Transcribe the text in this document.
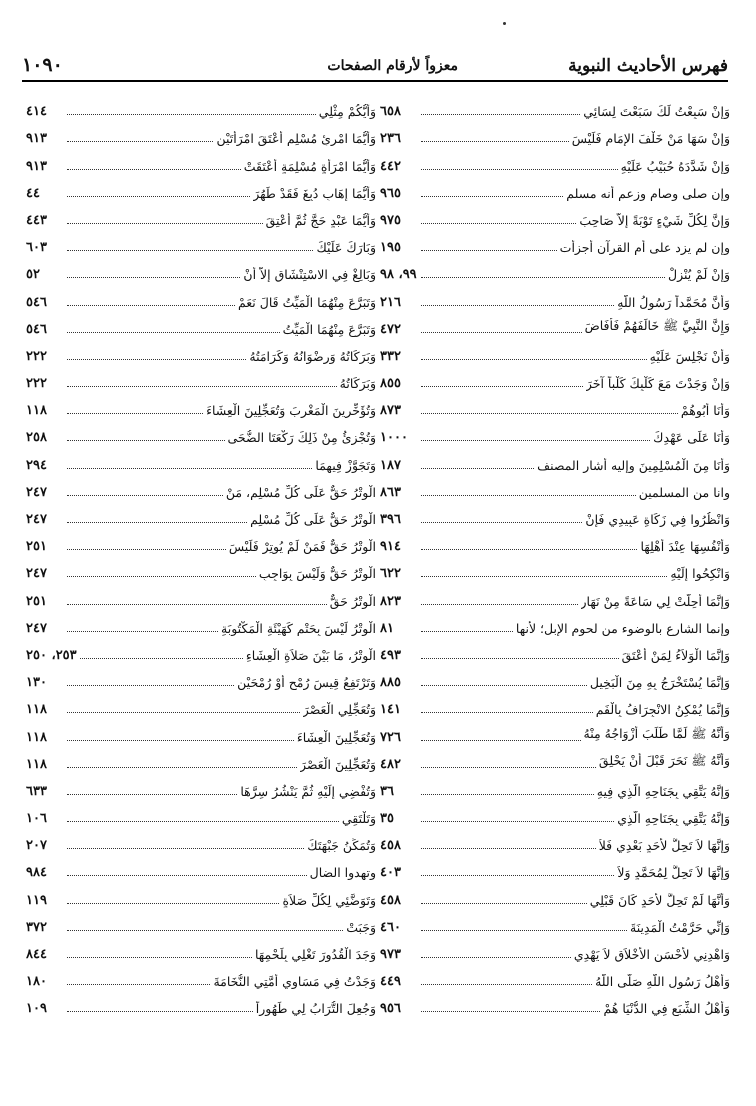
فهرس الأحاديث النبوية
معزواً لأرقام الصفحات
١٠٩٠
وَإِنْ سَبِعْتُ لَكَ سَبَعْتَ لِسَائِي
٦٥٨
وَإِنْ سَهَا مَنْ خَلْفَ الإِمَامِ فَلَيْسَ
٢٣٦
وَإِنْ شَدَّدَهُ حُبَيْبُ عَلَيْهِ
٤٤٢
وإن صلى وصام وزعم أنه مسلم
٩٦٥
وَإِنَّ لِكُلِّ شَيْءٍ تَوْبَةً إِلاَّ صَاحِبَ
٩٧٥
وإن لم يزد على أم القرآن أجزأت
١٩٥
وَإِنْ لَمْ يُنْزِلْ
٩٩، ٩٨
وَأَنَّ مُحَمَّداً رَسُولُ اللَّهِ
٢١٦
وَإِنَّ النَّبِيَّ ﷺ خَالَفَهُمْ فَأَفَاضَ
٤٧٢
وَأَنْ نَجْلِسَ عَلَيْهِ
٣٣٢
وَإِنْ وَجَدْتَ مَعَ كَلْبِكَ كَلْباً آخَرَ
٨٥٥
وَأَنَا أَبُوهُمْ
٨٧٣
وَأَنَا عَلَى عَهْدِكَ
١٠٠٠
وَأَنَا مِنَ الْمُسْلِمِينَ وإليه أشار المصنف
١٨٧
وانا من المسلمين
٨٦٣
وَانْظُرُوا فِي زَكَاةِ عَبِيدِي فَإِنْ
٣٩٦
وَأَنْفُسِهَا عِنْدَ أَهْلِهَا
٩١٤
وَانْكِحُوا إِلَيْهِ
٦٢٢
وَإِنَّمَا أُحِلَّتْ لِي سَاعَةً مِنْ نَهَارٍ
٨٢٣
وإنما الشارع بالوضوء من لحوم الإبل؛ لأنها
٨١
وَإِنَّمَا الْوَلاَءُ لِمَنْ أَعْتَقَ
٤٩٣
وَإِنَّمَا يُسْتَخْرَجُ بِهِ مِنَ الْبَخِيلِ
٨٨٥
وَإِنَّمَا يُمْكِنُ الانْجِرَافُ بِالْفَمِ
١٤١
وَأَنَّهُ ﷺ لَمَّا طَلَبَ أَزْوَاجُهُ مِنْهُ
٧٢٦
وَأَنَّهُ ﷺ نَحَرَ قَبْلَ أَنْ يَحْلِقَ
٤٨٢
وَإِنَّهُ يَتَّقِي بِجَنَاحِهِ الَّذِي فِيهِ
٣٦
وَإِنَّهُ يَتَّقِي بِجَنَاحِهِ الَّذِي
٣٥
وَإِنَّهَا لاَ تَحِلُّ لأَحَدٍ بَعْدِي فَلاَ
٤٥٨
وَإِنَّهَا لاَ تَحِلُّ لِمُحَمَّدٍ وَلاَ
٤٠٣
وَأَنَّهَا لَمْ تَحِلَّ لأَحَدٍ كَانَ قَبْلِي
٤٥٨
وَإِنِّي حَرَّمْتُ الْمَدِينَةَ
٤٦٠
وَاهْدِنِي لأَحْسَنِ الأَخْلاَقِ لاَ يَهْدِي
٩٧٣
وَأَهْلُ رَسُولِ اللَّهِ صَلَّى اللَّهُ
٤٤٩
وَأَهْلُ الشِّبَعِ فِي الدُّنْيَا هُمْ
٩٥٦
وَأَيُّكُمْ مِثْلِي
٤١٤
وَأَيُّمَا امْرِئٍ مُسْلِمٍ أَعْتَقَ امْرَأَتَيْنِ
٩١٣
وَأَيُّمَا امْرَأَةٍ مُسْلِمَةٍ أَعْتَقَتْ
٩١٣
وَأَيُّمَا إِهَابٍ دُبِغَ فَقَدْ طَهُرَ
٤٤
وَأَيُّمَا عَبْدٍ حَجَّ ثُمَّ أُعْتِقَ
٤٤٣
وَبَارَكَ عَلَيْكَ
٦٠٣
وَبَالِغْ فِي الاسْتِنْشَاقِ إِلاَّ أَنْ
٥٢
وَتَبَرَّعَ مِنْهُمَا الْمَيِّتُ قَالَ نَعَمْ
٥٤٦
وَتَبَرَّعَ مِنْهُمَا الْمَيِّتُ
٥٤٦
وَبَرَكَاتُهُ وَرِضْوَانُهُ وَكَرَامَتُهُ
٢٢٢
وَبَرَكَاتُهُ
٢٢٢
وَتُؤَخِّرِينَ الْمَغْرِبَ وَتُعَجِّلِينَ الْعِشَاءَ
١١٨
وَتُجْزِئُ مِنْ ذَلِكَ رَكْعَتَا الضُّحَى
٢٥٨
وَتَجَوَّزْ فِيهِمَا
٢٩٤
الْوِتْرُ حَقٌّ عَلَى كُلِّ مُسْلِمٍ، مَنْ
٢٤٧
الْوِتْرُ حَقٌّ عَلَى كُلِّ مُسْلِمٍ
٢٤٧
الْوِتْرُ حَقٌّ فَمَنْ لَمْ يُوتِرْ فَلَيْسَ
٢٥١
الْوِتْرُ حَقٌّ وَلَيْسَ بِوَاجِبٍ
٢٤٧
الْوِتْرُ حَقٌّ
٢٥١
الْوِتْرُ لَيْسَ بِحَتْمٍ كَهَيْئَةِ الْمَكْتُوبَةِ
٢٤٧
الْوِتْرُ، مَا بَيْنَ صَلاَةِ الْعِشَاءِ
٢٥٣، ٢٥٠
وَتَرْتَفِعُ قِيسَ رُمْحٍ أَوْ رُمْحَيْنِ
١٣٠
وَتُعَجِّلِي الْعَصْرَ
١١٨
وَتُعَجِّلِينَ الْعِشَاءَ
١١٨
وَتُعَجِّلِينَ الْعَصْرَ
١١٨
وَتُفْضِي إِلَيْهِ ثُمَّ يَنْشُرُ سِرَّهَا
٦٣٣
وَتَلْتَقِي
١٠٦
وَتُمَكِّنُ جَبْهَتَكَ
٢٠٧
وتهدوا الضال
٩٨٤
وَتَوَضَّئِي لِكُلِّ صَلاَةٍ
١١٩
وَجَبَتْ
٣٧٢
وَجَدَ الْقُدُورَ تَغْلِي بِلَحْمِهَا
٨٤٤
وَجَدْتُ فِي مَسَاوِي أُمَّتِي النُّخَامَةَ
١٨٠
وَجُعِلَ التُّرَابُ لِي طَهُوراً
١٠٩
